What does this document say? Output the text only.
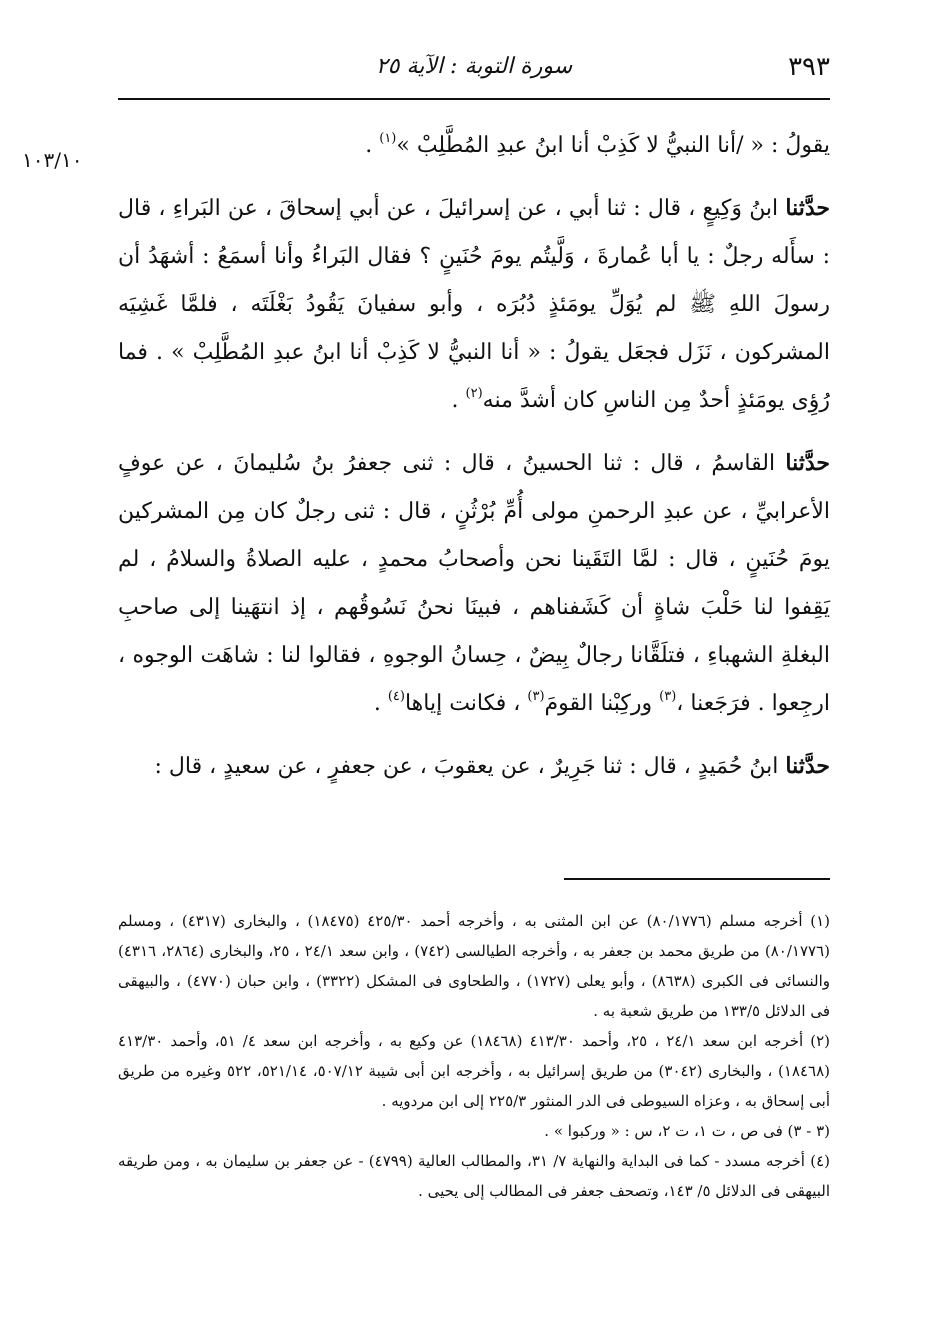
٣٩٣
سورة التوبة : الآية ٢٥
١٠٣/١٠

يقولُ : « /أنا النبيُّ لا كَذِبْ أنا ابنُ عبدِ المُطَّلِبْ »$^{(١)}$ .

حدَّثنا ابنُ وَكِيعٍ ، قال : ثنا أبي ، عن إسرائيلَ ، عن أبي إسحاقَ ، عن البَراءِ ، قال : سأَله رجلٌ : يا أبا عُمارةَ ، وَلَّيتُم يومَ حُنَينٍ ؟ فقال البَراءُ وأنا أسمَعُ : أشهَدُ أن رسولَ اللهِ ﷺ لم يُوَلِّ يومَئذٍ دُبُرَه ، وأبو سفيانَ يَقُودُ بَغْلَتَه ، فلمَّا غَشِيَه المشركون ، نَزَل فجعَل يقولُ : « أنا النبيُّ لا كَذِبْ أنا ابنُ عبدِ المُطَّلِبْ » . فما رُؤِى يومَئذٍ أحدٌ مِن الناسِ كان أشدَّ منه$^{(٢)}$ .

حدَّثنا القاسمُ ، قال : ثنا الحسينُ ، قال : ثنى جعفرُ بنُ سُليمانَ ، عن عوفٍ الأعرابيِّ ، عن عبدِ الرحمنِ مولى أُمِّ بُرْثُنٍ ، قال : ثنى رجلٌ كان مِن المشركين يومَ حُنَينٍ ، قال : لمَّا التَقَينا نحن وأصحابُ محمدٍ ، عليه الصلاةُ والسلامُ ، لم يَقِفوا لنا حَلْبَ شاةٍ أن كَشَفناهم ، فبينَا نحنُ نَسُوقُهم ، إذ انتهَينا إلى صاحبِ البغلةِ الشهباءِ ، فتلَقَّانا رجالٌ بِيضٌ ، حِسانُ الوجوهِ ، فقالوا لنا : شاهَت الوجوه ، ارجِعوا . فرَجَعنا ،$^{(٣)}$ وركِبْنا القومَ$^{(٣)}$ ، فكانت إياها$^{(٤)}$ .

حدَّثنا ابنُ حُمَيدٍ ، قال : ثنا جَرِيرٌ ، عن يعقوبَ ، عن جعفرٍ ، عن سعيدٍ ، قال :

(١) أخرجه مسلم (٨٠/١٧٧٦) عن ابن المثنى به ، وأخرجه أحمد ٤٢٥/٣٠ (١٨٤٧٥) ، والبخارى (٤٣١٧) ، ومسلم (٨٠/١٧٧٦) من طريق محمد بن جعفر به ، وأخرجه الطيالسى (٧٤٢) ، وابن سعد ٢٤/١ ، ٢٥، والبخارى (٢٨٦٤، ٤٣١٦) والنسائى فى الكبرى (٨٦٣٨) ، وأبو يعلى (١٧٢٧) ، والطحاوى فى المشكل (٣٣٢٢) ، وابن حبان (٤٧٧٠) ، والبيهقى فى الدلائل ١٣٣/٥ من طريق شعبة به .

(٢) أخرجه ابن سعد ٢٤/١ ، ٢٥، وأحمد ٤١٣/٣٠ (١٨٤٦٨) عن وكيع به ، وأخرجه ابن سعد ٤/ ٥١، وأحمد ٤١٣/٣٠ (١٨٤٦٨) ، والبخارى (٣٠٤٢) من طريق إسرائيل به ، وأخرجه ابن أبى شيبة ٥٠٧/١٢، ٥٢١/١٤، ٥٢٢ وغيره من طريق أبى إسحاق به ، وعزاه السيوطى فى الدر المنثور ٢٢٥/٣ إلى ابن مردويه .

(٣ - ٣) فى ص ، ت ١، ت ٢، س : « وركبوا » .

(٤) أخرجه مسدد - كما فى البداية والنهاية ٧/ ٣١، والمطالب العالية (٤٧٩٩) - عن جعفر بن سليمان به ، ومن طريقه البيهقى فى الدلائل ٥/ ١٤٣، وتصحف جعفر فى المطالب إلى يحيى .
